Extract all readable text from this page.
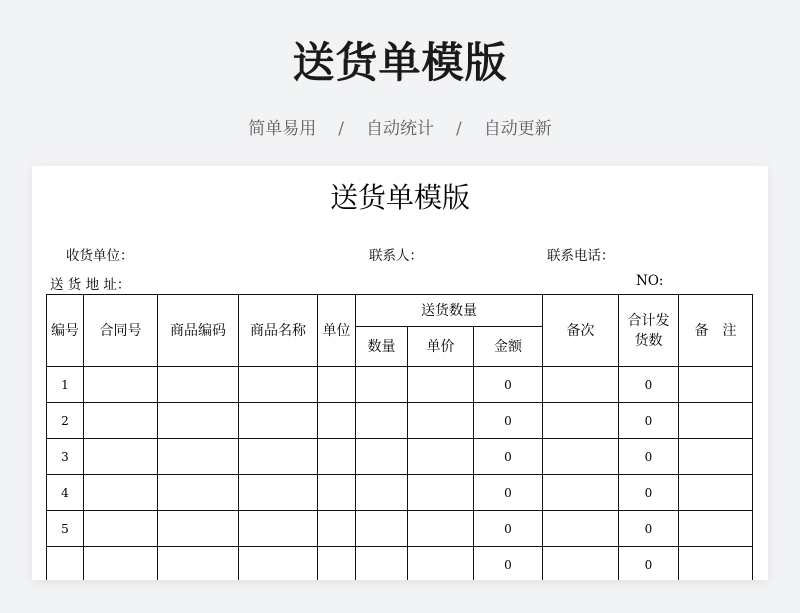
送货单模版
简单易用 / 自动统计 / 自动更新
送货单模版
收货单位：	联系人：	联系电话：
送 货 地 址：	NO:
编号	合同号	商品编码	商品名称	单位	送货数量			备次	合计发货数	备　注
					数量	单价	金额			
1							0		0	
2							0		0	
3							0		0	
4							0		0	
5							0		0	
							0		0	
